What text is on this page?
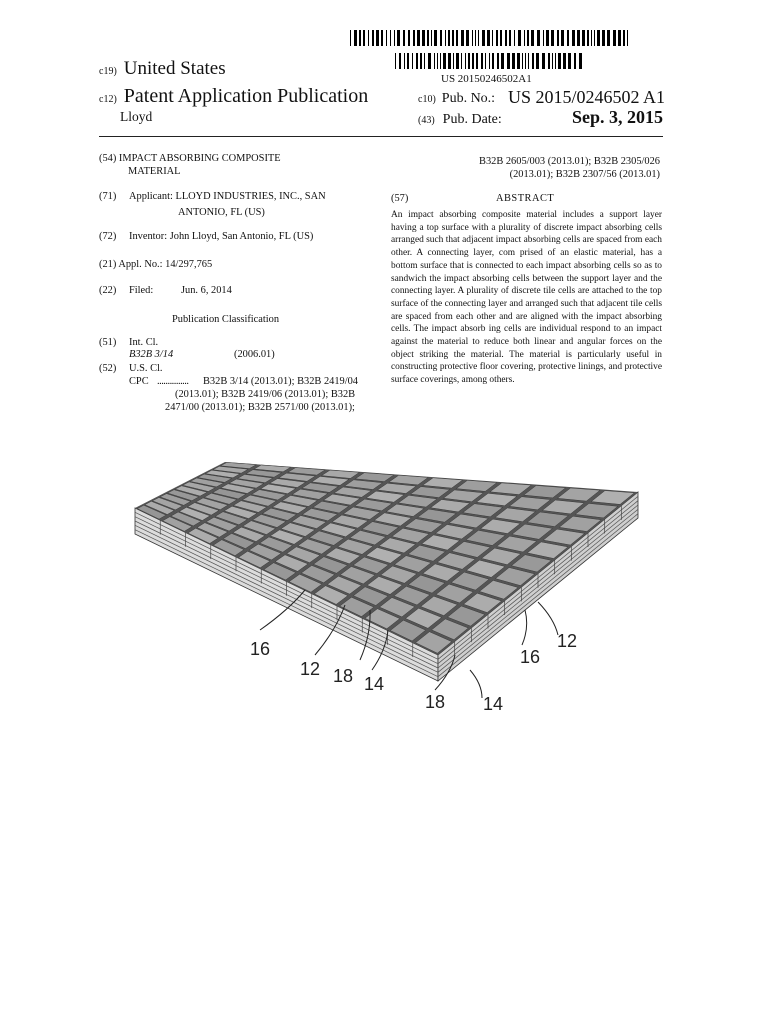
US 20150246502A1
c19) United States
c12) Patent Application Publication
Lloyd
c10) Pub. No.: US 2015/0246502 A1
(43) Pub. Date:	Sep. 3, 2015
(54) IMPACT ABSORBING COMPOSITE
MATERIAL
(71) Applicant: LLOYD INDUSTRIES, INC., SAN
ANTONIO, FL (US)
(72) Inventor: John Lloyd, San Antonio, FL (US)
(21) Appl. No.: 14/297,765
(22) Filed:	Jun. 6, 2014
Publication Classification
(51) Int. Cl.
B32B 3/14	(2006.01)
(52) U.S. Cl.
CPC ............... B32B 3/14 (2013.01); B32B 2419/04
(2013.01); B32B 2419/06 (2013.01); B32B
2471/00 (2013.01); B32B 2571/00 (2013.01);
B32B 2605/003 (2013.01); B32B 2305/026
(2013.01); B32B 2307/56 (2013.01)
(57)	ABSTRACT
An impact absorbing composite material includes a support layer having a top surface with a plurality of discrete impact absorbing cells arranged such that adjacent impact absorbing cells are spaced from each other. A connecting layer, com prised of an elastic material, has a bottom surface that is connected to each impact absorbing cells so as to sandwich the impact absorbing cells between the support layer and the connecting layer. A plurality of discrete tile cells are attached to the top surface of the connecting layer and arranged such that adjacent tile cells are spaced from each other and are aligned with the impact absorbing cells. The impact absorb ing cells are individual respond to an impact against the material to reduce both linear and angular forces on the object striking the material. The material is particularly useful in constructing protective floor covering, protective linings, and protective surface coverings, among others.
16
12 18 14
18 14
16
12
